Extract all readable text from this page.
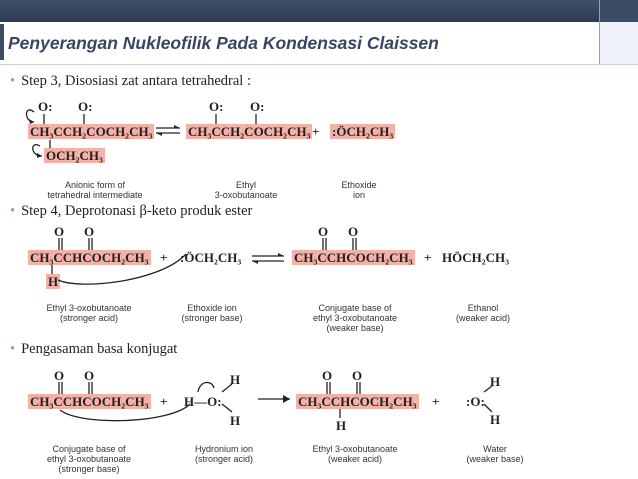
Penyerangan Nukleofilik Pada Kondensasi Claissen
• Step 3, Disosiasi zat antara tetrahedral :
O: O:
CH₃CCH₂COCH₂CH₃
OCH₂CH₃
O: O:
CH₃CCH₂COCH₂CH₃ + :ÖCH₂CH₃
Anionic form of
tetrahedral intermediate
Ethyl
3-oxobutanoate
Ethoxide
ion
• Step 4, Deprotonasi β-keto produk ester
O O
CH₃CCHCOCH₂CH₃
H
+ :ÖCH₂CH₃
O O
CH₃CCHCOCH₂CH₃ + HÖCH₂CH₃
Ethyl 3-oxobutanoate
(stronger acid)
Ethoxide ion
(stronger base)
Conjugate base of
ethyl 3-oxobutanoate
(weaker base)
Ethanol
(weaker acid)
• Pengasaman basa konjugat
O O
CH₃CCHCOCH₂CH₃ + H—O:
H
H
O O
CH₃CCHCOCH₂CH₃
H
+ :O:
H
H
Conjugate base of
ethyl 3-oxobutanoate
(stronger base)
Hydronium ion
(stronger acid)
Ethyl 3-oxobutanoate
(weaker acid)
Water
(weaker base)
